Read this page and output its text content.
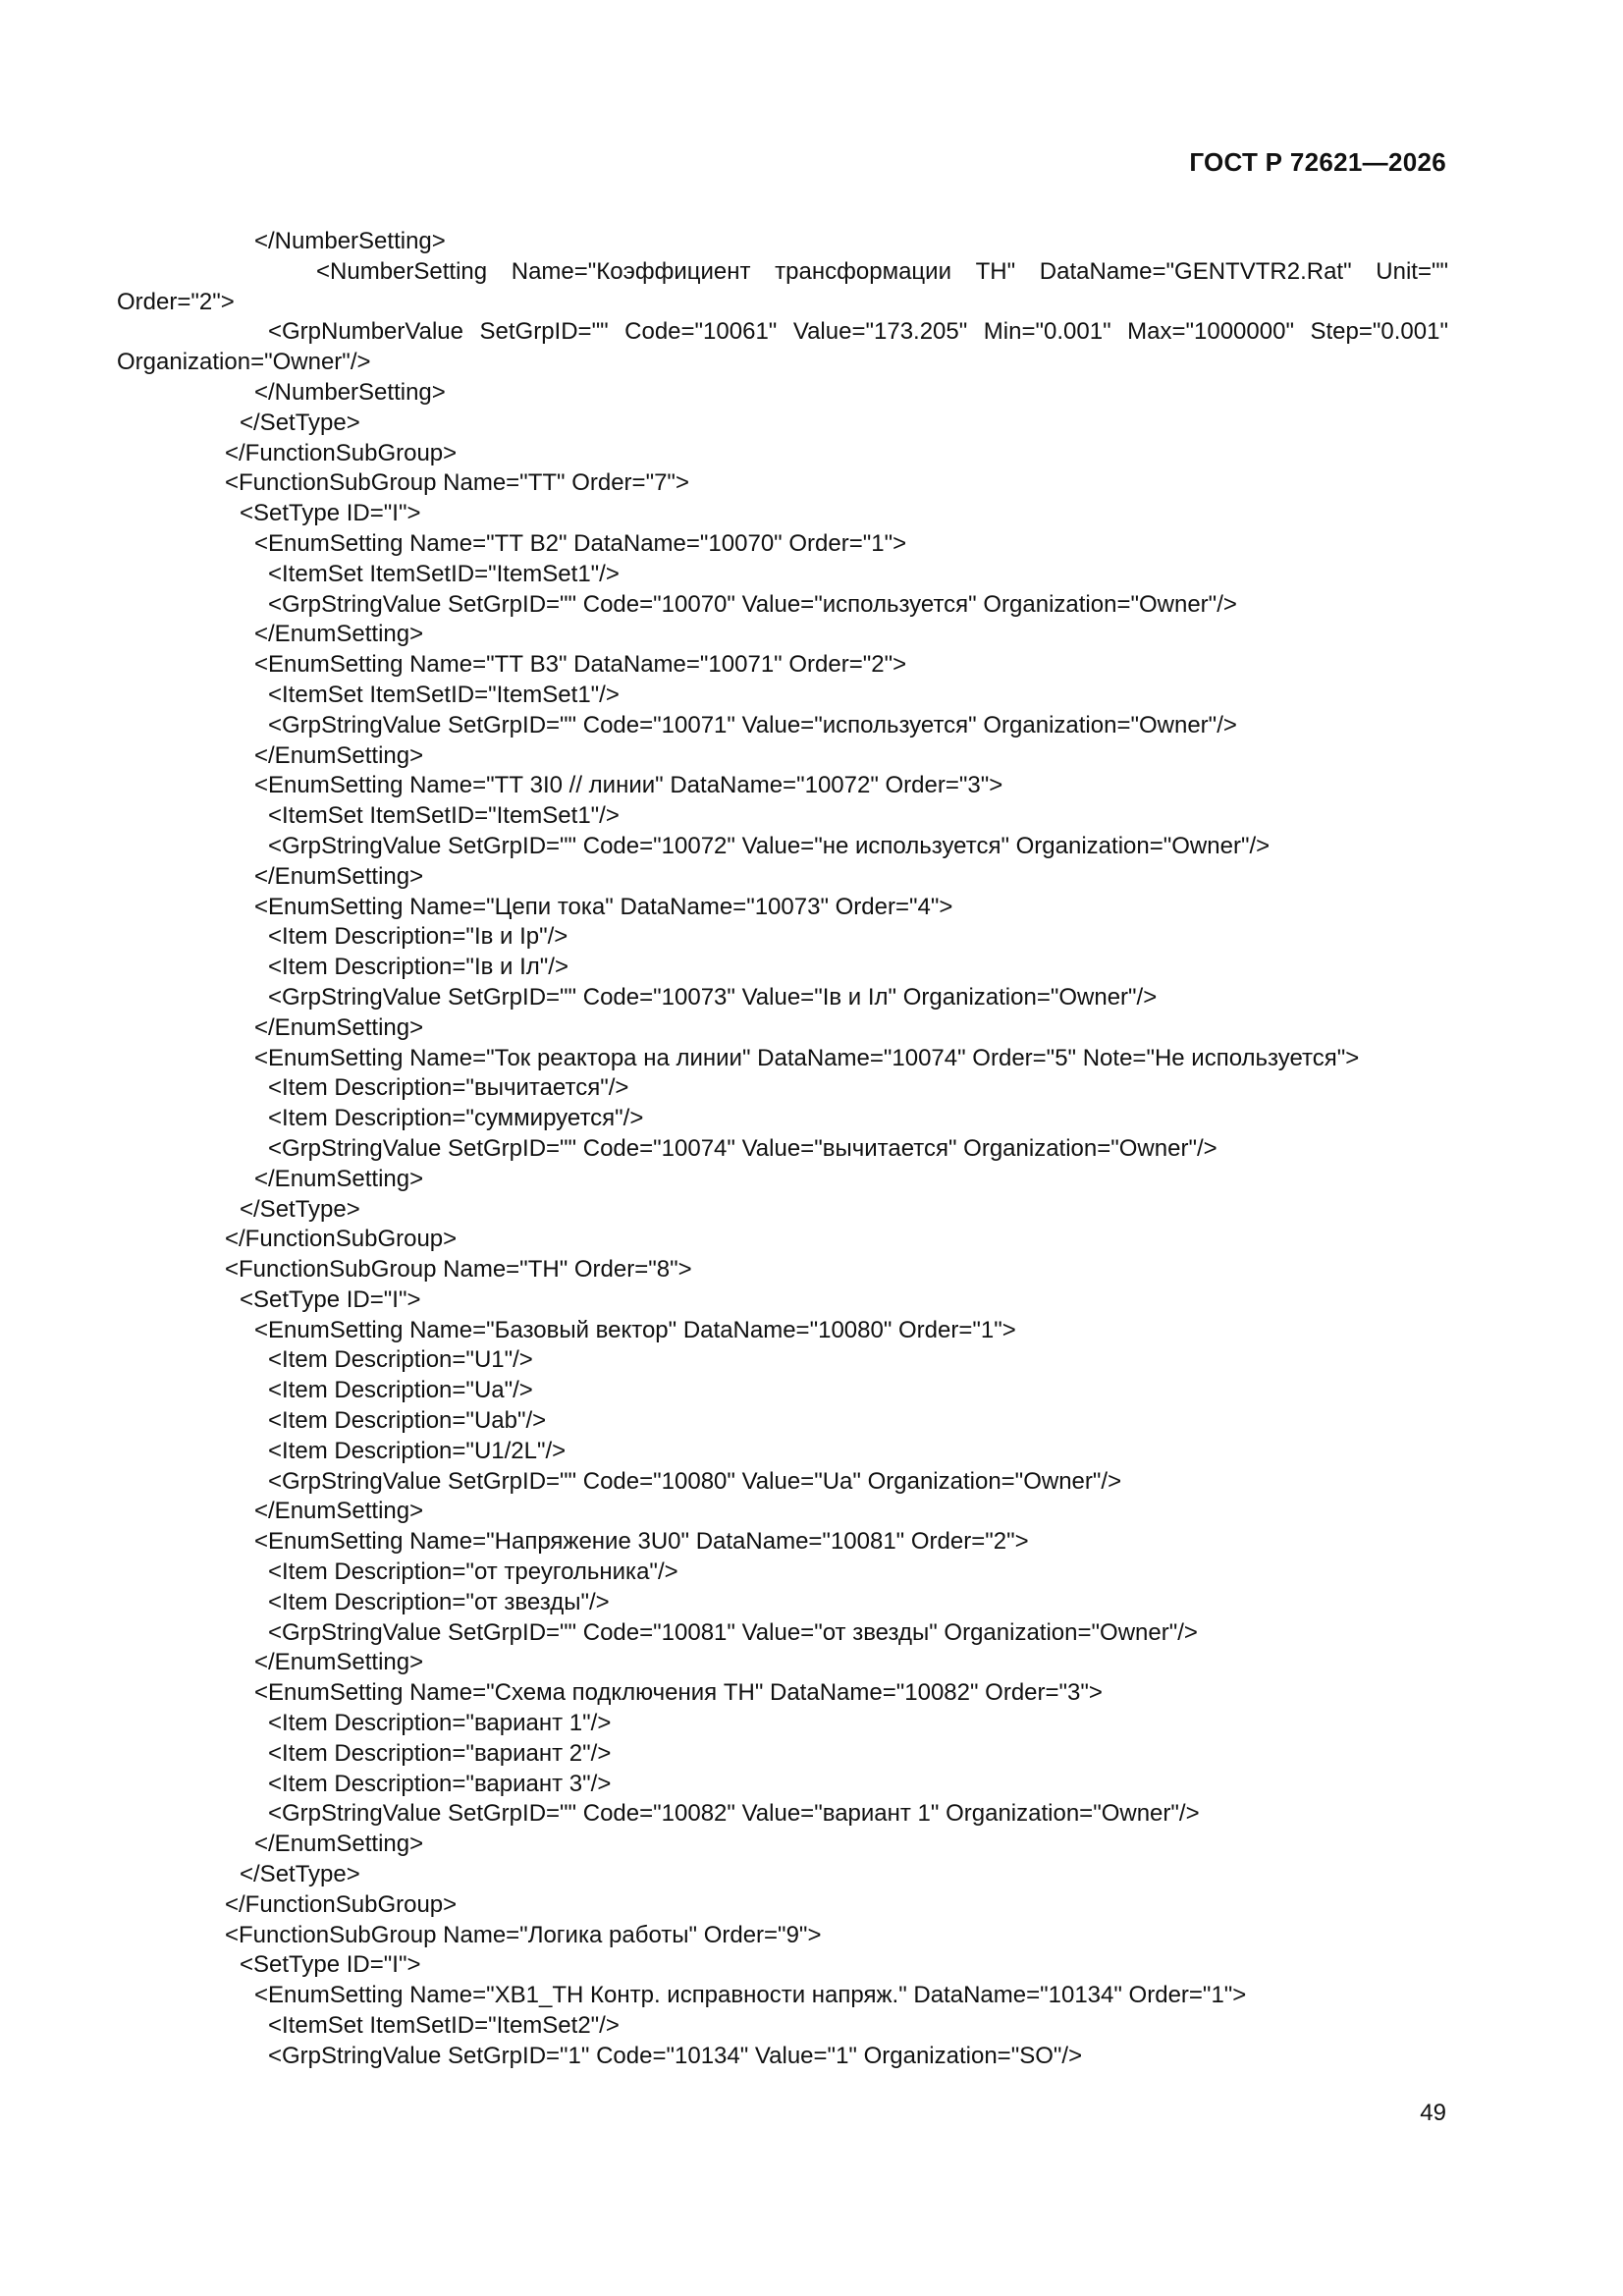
ГОСТ Р 72621—2026
</NumberSetting>
<NumberSetting Name="Коэффициент трансформации ТН" DataName="GENTVTR2.Rat" Unit=""
Order="2">
<GrpNumberValue SetGrpID="" Code="10061" Value="173.205" Min="0.001" Max="1000000" Step="0.001"
Organization="Owner"/>
</NumberSetting>
</SetType>
</FunctionSubGroup>
<FunctionSubGroup Name="ТТ" Order="7">
<SetType ID="I">
<EnumSetting Name="ТТ В2" DataName="10070" Order="1">
<ItemSet ItemSetID="ItemSet1"/>
<GrpStringValue SetGrpID="" Code="10070" Value="используется" Organization="Owner"/>
</EnumSetting>
<EnumSetting Name="ТТ В3" DataName="10071" Order="2">
<ItemSet ItemSetID="ItemSet1"/>
<GrpStringValue SetGrpID="" Code="10071" Value="используется" Organization="Owner"/>
</EnumSetting>
<EnumSetting Name="ТТ 3I0 // линии" DataName="10072" Order="3">
<ItemSet ItemSetID="ItemSet1"/>
<GrpStringValue SetGrpID="" Code="10072" Value="не используется" Organization="Owner"/>
</EnumSetting>
<EnumSetting Name="Цепи тока" DataName="10073" Order="4">
<Item Description="Iв и Iр"/>
<Item Description="Iв и Iл"/>
<GrpStringValue SetGrpID="" Code="10073" Value="Iв и Iл" Organization="Owner"/>
</EnumSetting>
<EnumSetting Name="Ток реактора на линии" DataName="10074" Order="5" Note="Не используется">
<Item Description="вычитается"/>
<Item Description="суммируется"/>
<GrpStringValue SetGrpID="" Code="10074" Value="вычитается" Organization="Owner"/>
</EnumSetting>
</SetType>
</FunctionSubGroup>
<FunctionSubGroup Name="ТН" Order="8">
<SetType ID="I">
<EnumSetting Name="Базовый вектор" DataName="10080" Order="1">
<Item Description="U1"/>
<Item Description="Ua"/>
<Item Description="Uab"/>
<Item Description="U1/2L"/>
<GrpStringValue SetGrpID="" Code="10080" Value="Ua" Organization="Owner"/>
</EnumSetting>
<EnumSetting Name="Напряжение 3U0" DataName="10081" Order="2">
<Item Description="от треугольника"/>
<Item Description="от звезды"/>
<GrpStringValue SetGrpID="" Code="10081" Value="от звезды" Organization="Owner"/>
</EnumSetting>
<EnumSetting Name="Схема подключения ТН" DataName="10082" Order="3">
<Item Description="вариант 1"/>
<Item Description="вариант 2"/>
<Item Description="вариант 3"/>
<GrpStringValue SetGrpID="" Code="10082" Value="вариант 1" Organization="Owner"/>
</EnumSetting>
</SetType>
</FunctionSubGroup>
<FunctionSubGroup Name="Логика работы" Order="9">
<SetType ID="I">
<EnumSetting Name="XB1_TH Контр. исправности напряж." DataName="10134" Order="1">
<ItemSet ItemSetID="ItemSet2"/>
<GrpStringValue SetGrpID="1" Code="10134" Value="1" Organization="SO"/>
49
